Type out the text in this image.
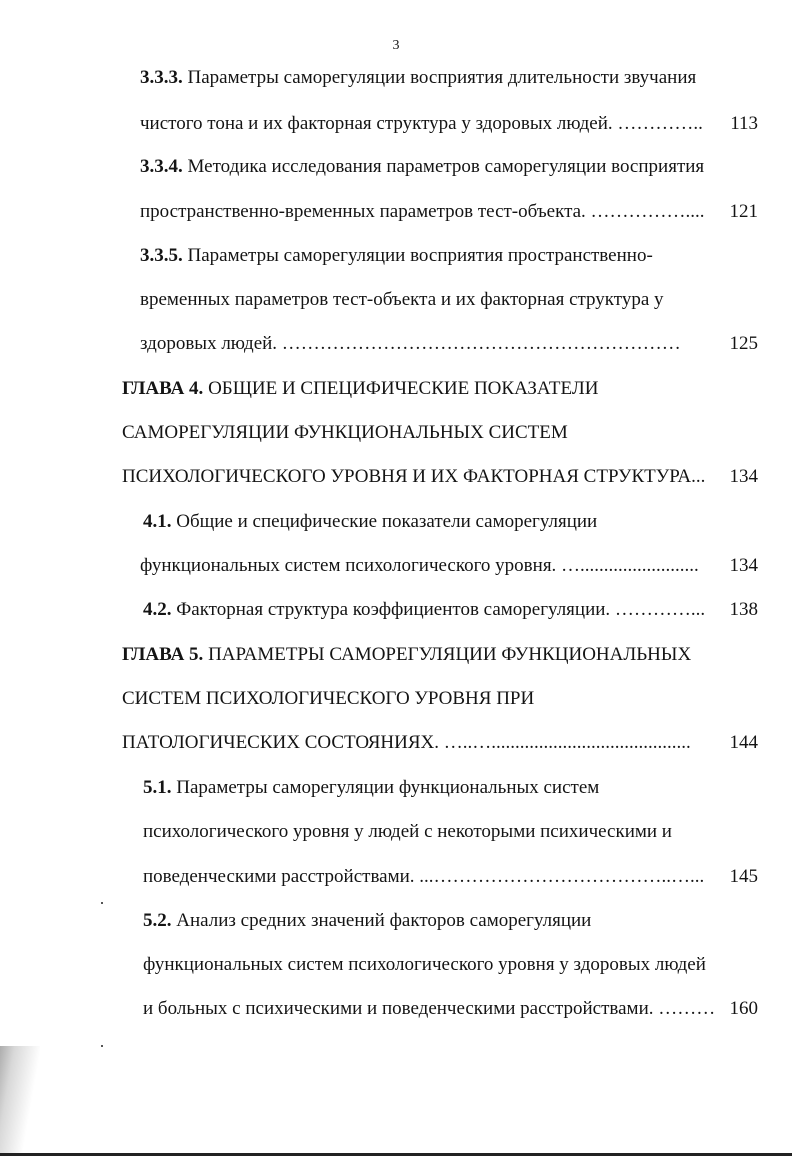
3
3.3.3. Параметры саморегуляции восприятия длительности звучания
чистого тона и их факторная структура у здоровых людей. ………….. 113
3.3.4. Методика исследования параметров саморегуляции восприятия
пространственно-временных параметров тест-объекта. …………….... 121
3.3.5. Параметры саморегуляции восприятия пространственно-
временных параметров тест-объекта и их факторная структура у
здоровых людей. ………………………………………………………	125
ГЛАВА 4. ОБЩИЕ И СПЕЦИФИЧЕСКИЕ ПОКАЗАТЕЛИ
САМОРЕГУЛЯЦИИ ФУНКЦИОНАЛЬНЫХ СИСТЕМ
ПСИХОЛОГИЧЕСКОГО УРОВНЯ И ИХ ФАКТОРНАЯ СТРУКТУРА... 134
4.1. Общие и специфические показатели саморегуляции
функциональных систем психологического уровня. …......................... 134
4.2. Факторная структура коэффициентов саморегуляции. …………... 138
ГЛАВА 5. ПАРАМЕТРЫ САМОРЕГУЛЯЦИИ ФУНКЦИОНАЛЬНЫХ
СИСТЕМ ПСИХОЛОГИЧЕСКОГО УРОВНЯ ПРИ
ПАТОЛОГИЧЕСКИХ СОСТОЯНИЯХ. …..….......................................... 144
5.1. Параметры саморегуляции функциональных систем
психологического уровня у людей с некоторыми психическими и
поведенческими расстройствами. ...………………………………..…... 145
5.2. Анализ средних значений факторов саморегуляции
функциональных систем психологического уровня у здоровых людей
и больных с психическими и поведенческими расстройствами. ……… 160
